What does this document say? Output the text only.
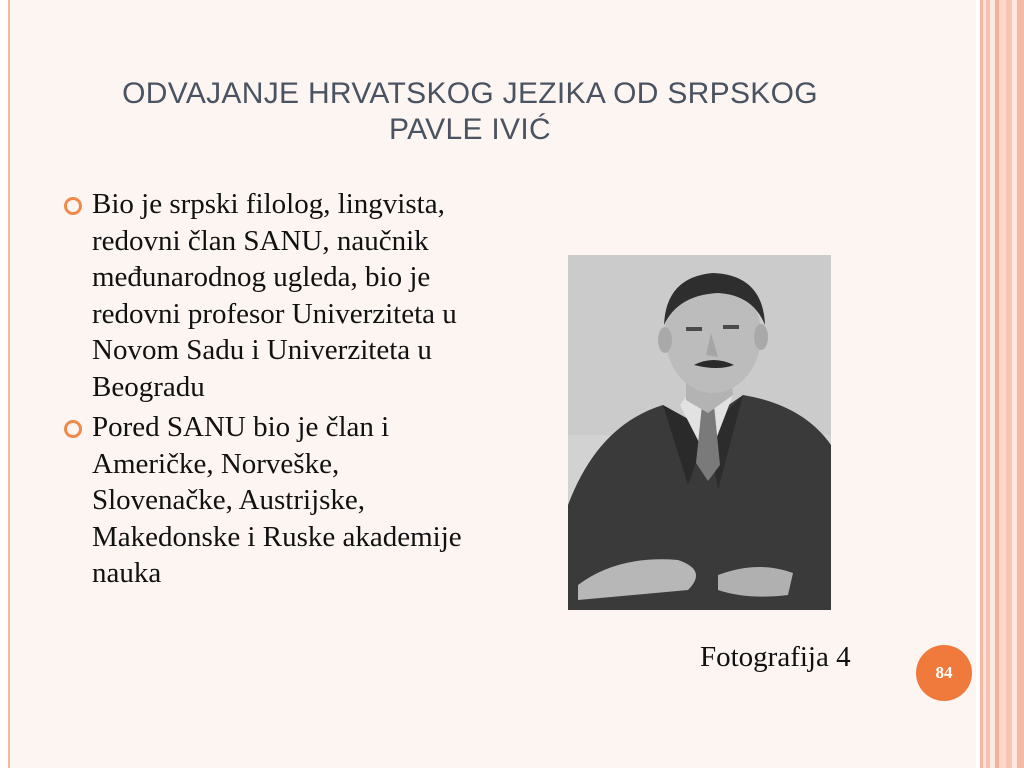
ODVAJANJE HRVATSKOG JEZIKA OD SRPSKOG
PAVLE IVIĆ
Bio je srpski filolog, lingvista, redovni član SANU, naučnik međunarodnog ugleda, bio je redovni profesor Univerziteta u Novom Sadu i Univerziteta u Beogradu
Pored SANU bio je član i Američke, Norveške, Slovenačke, Austrijske, Makedonske i Ruske akademije nauka
Fotografija 4	84
